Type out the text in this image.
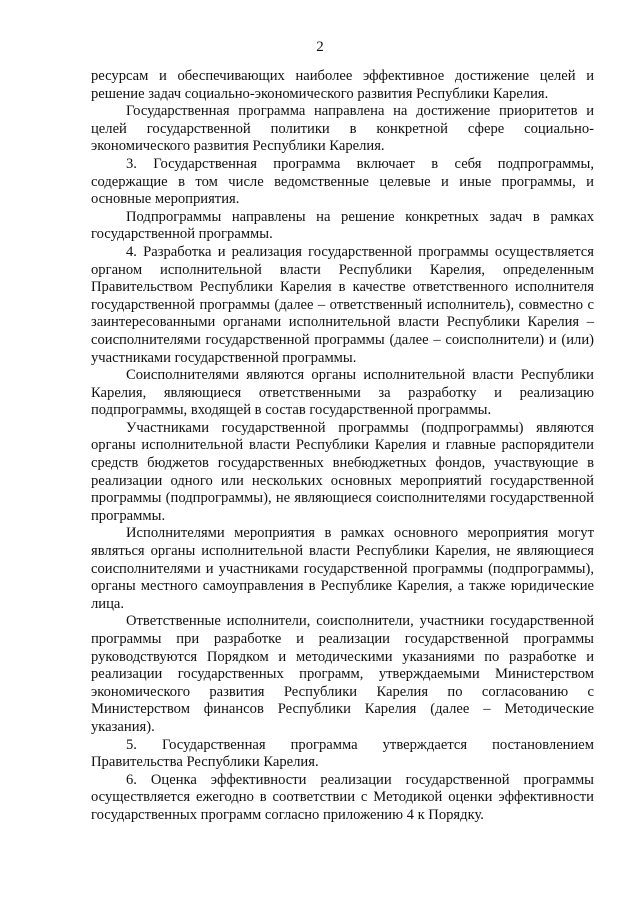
2

ресурсам и обеспечивающих наиболее эффективное достижение целей и решение задач социально-экономического развития Республики Карелия.

Государственная программа направлена на достижение приоритетов и целей государственной политики в конкретной сфере социально-экономического развития Республики Карелия.

3. Государственная программа включает в себя подпрограммы, содержащие в том числе ведомственные целевые и иные программы, и основные мероприятия.

Подпрограммы направлены на решение конкретных задач в рамках государственной программы.

4. Разработка и реализация государственной программы осуществляется органом исполнительной власти Республики Карелия, определенным Правительством Республики Карелия в качестве ответственного исполнителя государственной программы (далее – ответственный исполнитель), совместно с заинтересованными органами исполнительной власти Республики Карелия – соисполнителями государственной программы (далее – соисполнители) и (или) участниками государственной программы.

Соисполнителями являются органы исполнительной власти Республики Карелия, являющиеся ответственными за разработку и реализацию подпрограммы, входящей в состав государственной программы.

Участниками государственной программы (подпрограммы) являются органы исполнительной власти Республики Карелия и главные распорядители средств бюджетов государственных внебюджетных фондов, участвующие в реализации одного или нескольких основных мероприятий государственной программы (подпрограммы), не являющиеся соисполнителями государственной программы.

Исполнителями мероприятия в рамках основного мероприятия могут являться органы исполнительной власти Республики Карелия, не являющиеся соисполнителями и участниками государственной программы (подпрограммы), органы местного самоуправления в Республике Карелия, а также юридические лица.

Ответственные исполнители, соисполнители, участники государственной программы при разработке и реализации государственной программы руководствуются Порядком и методическими указаниями по разработке и реализации государственных программ, утверждаемыми Министерством экономического развития Республики Карелия по согласованию с Министерством финансов Республики Карелия (далее – Методические указания).

5. Государственная программа утверждается постановлением Правительства Республики Карелия.

6. Оценка эффективности реализации государственной программы осуществляется ежегодно в соответствии с Методикой оценки эффективности государственных программ согласно приложению 4 к Порядку.
